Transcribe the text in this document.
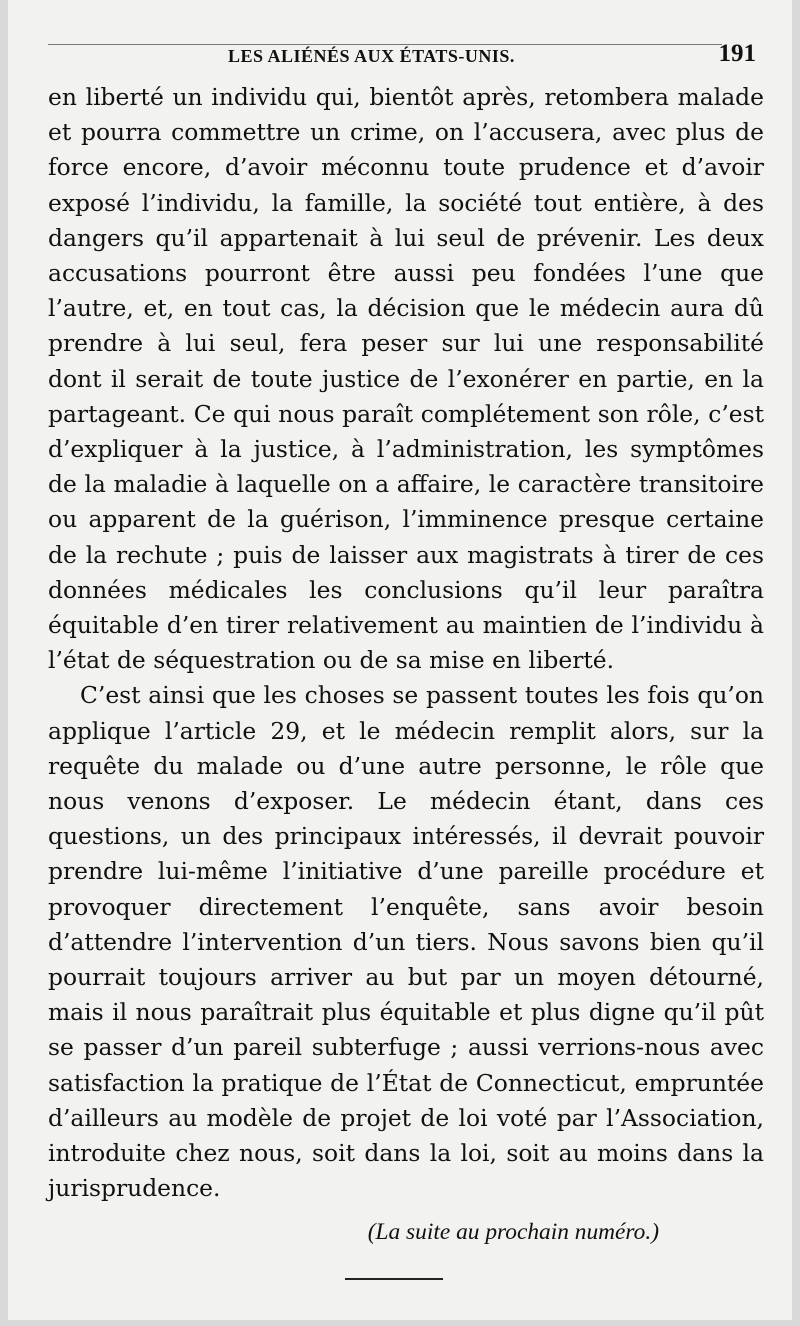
LES ALIÉNÉS AUX ÉTATS-UNIS.	191

en liberté un individu qui, bientôt après, retombera malade et pourra commettre un crime, on l’accusera, avec plus de force encore, d’avoir méconnu toute prudence et d’avoir exposé l’individu, la famille, la société tout entière, à des dangers qu’il appartenait à lui seul de prévenir. Les deux accusations pourront être aussi peu fondées l’une que l’autre, et, en tout cas, la décision que le médecin aura dû prendre à lui seul, fera peser sur lui une responsabilité dont il serait de toute justice de l’exonérer en partie, en la partageant. Ce qui nous paraît complétement son rôle, c’est d’expliquer à la justice, à l’administration, les symptômes de la maladie à laquelle on a affaire, le caractère transitoire ou apparent de la guérison, l’imminence presque certaine de la rechute ; puis de laisser aux magistrats à tirer de ces données médicales les conclusions qu’il leur paraîtra équitable d’en tirer relativement au maintien de l’individu à l’état de séquestration ou de sa mise en liberté.

C’est ainsi que les choses se passent toutes les fois qu’on applique l’article 29, et le médecin remplit alors, sur la requête du malade ou d’une autre personne, le rôle que nous venons d’exposer. Le médecin étant, dans ces questions, un des principaux intéressés, il devrait pouvoir prendre lui-même l’initiative d’une pareille procédure et provoquer directement l’enquête, sans avoir besoin d’attendre l’intervention d’un tiers. Nous savons bien qu’il pourrait toujours arriver au but par un moyen détourné, mais il nous paraîtrait plus équitable et plus digne qu’il pût se passer d’un pareil subterfuge ; aussi verrions-nous avec satisfaction la pratique de l’État de Connecticut, empruntée d’ailleurs au modèle de projet de loi voté par l’Association, introduite chez nous, soit dans la loi, soit au moins dans la jurisprudence.

(La suite au prochain numéro.)
